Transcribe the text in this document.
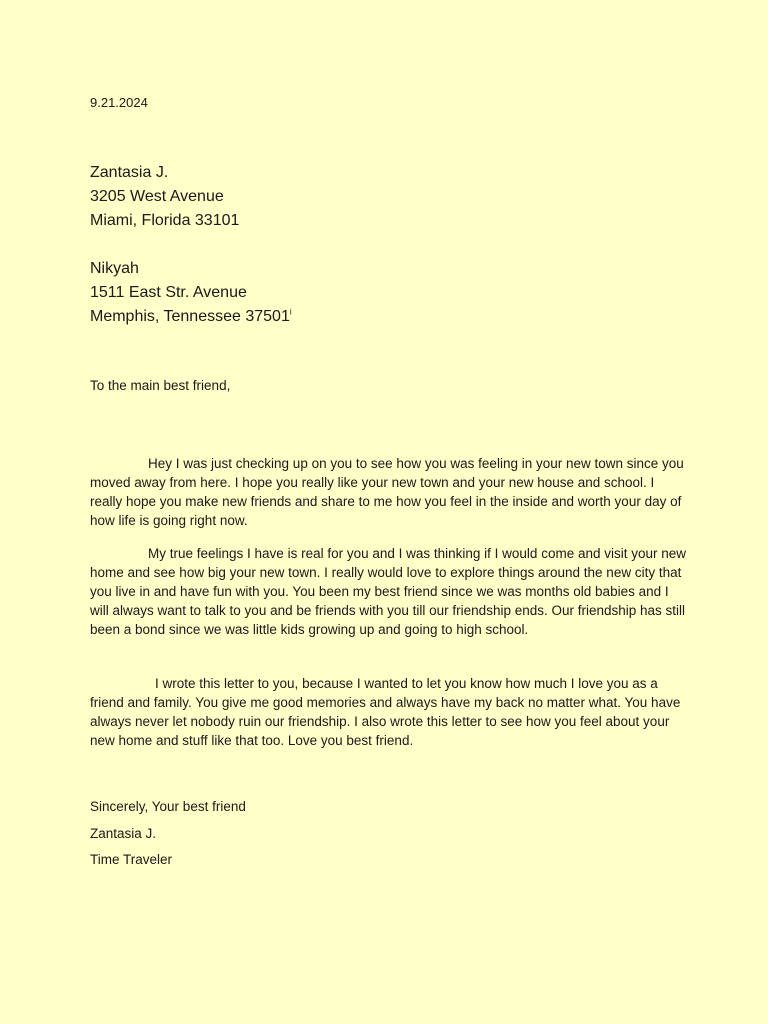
9.21.2024
Zantasia J.
3205 West Avenue
Miami, Florida 33101
Nikyah
1511 East Str. Avenue
Memphis, Tennessee 37501$^i$
To the main best friend,

Hey I was just checking up on you to see how you was feeling in your new town since you moved away from here. I hope you really like your new town and your new house and school. I really hope you make new friends and share to me how you feel in the inside and worth your day of how life is going right now.

My true feelings I have is real for you and I was thinking if I would come and visit your new home and see how big your new town. I really would love to explore things around the new city that you live in and have fun with you. You been my best friend since we was months old babies and I will always want to talk to you and be friends with you till our friendship ends. Our friendship has still been a bond since we was little kids growing up and going to high school.

I wrote this letter to you, because I wanted to let you know how much I love you as a friend and family. You give me good memories and always have my back no matter what. You have always never let nobody ruin our friendship. I also wrote this letter to see how you feel about your new home and stuff like that too. Love you best friend.

Sincerely, Your best friend
Zantasia J.
Time Traveler
